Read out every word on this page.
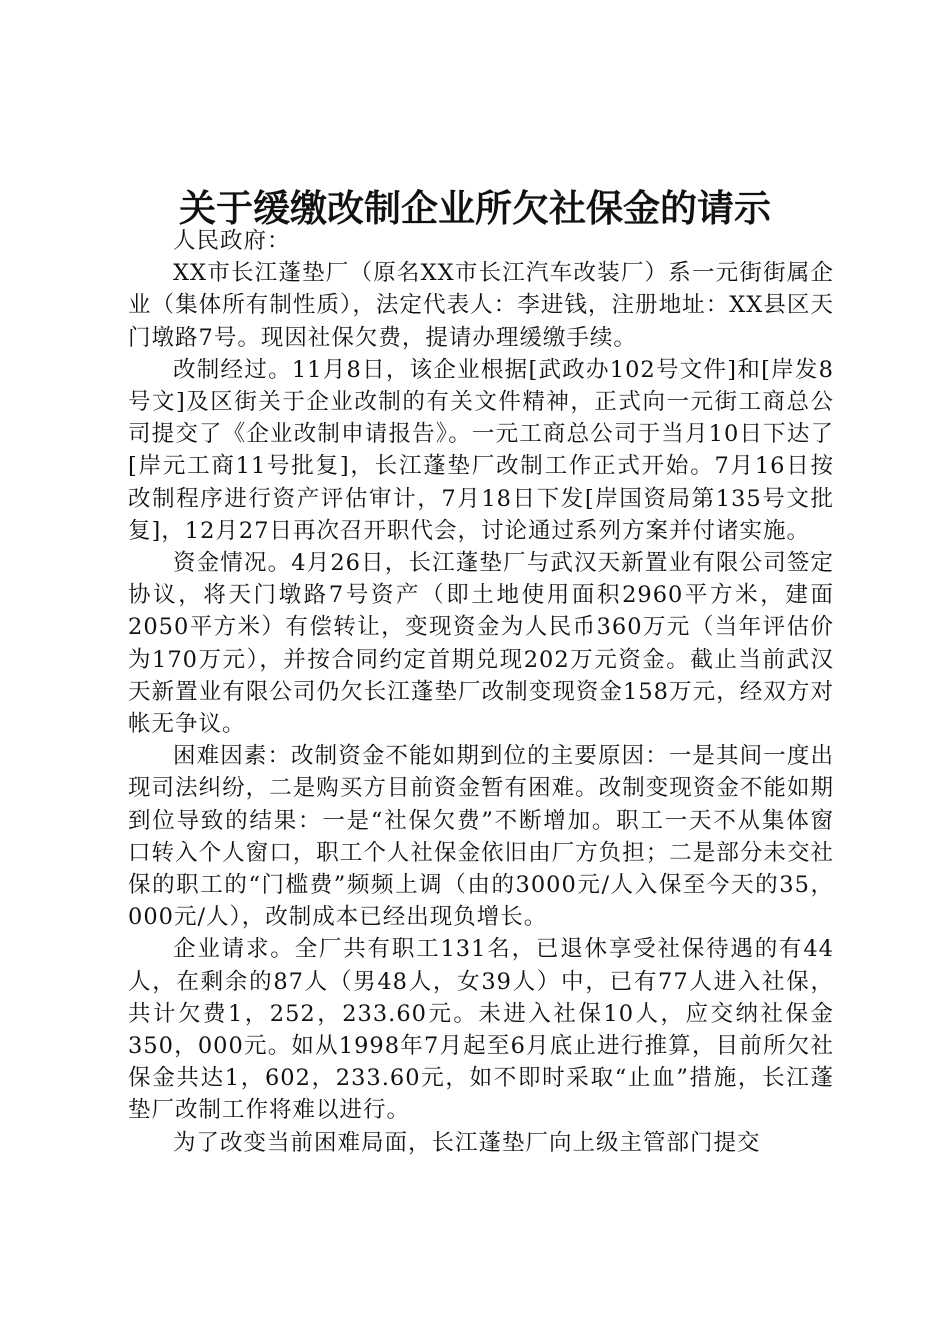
关于缓缴改制企业所欠社保金的请示

人民政府：

XX市长江蓬垫厂（原名XX市长江汽车改装厂）系一元街街属企业（集体所有制性质），法定代表人：李进钱，注册地址：XX县区天门墩路7号。现因社保欠费，提请办理缓缴手续。

改制经过。11月8日，该企业根据[武政办102号文件]和[岸发8号文]及区街关于企业改制的有关文件精神，正式向一元街工商总公司提交了《企业改制申请报告》。一元工商总公司于当月10日下达了[岸元工商11号批复]，长江蓬垫厂改制工作正式开始。7月16日按改制程序进行资产评估审计，7月18日下发[岸国资局第135号文批复]，12月27日再次召开职代会，讨论通过系列方案并付诸实施。

资金情况。4月26日，长江蓬垫厂与武汉天新置业有限公司签定协议，将天门墩路7号资产（即土地使用面积2960平方米，建面2050平方米）有偿转让，变现资金为人民币360万元（当年评估价为170万元），并按合同约定首期兑现202万元资金。截止当前武汉天新置业有限公司仍欠长江蓬垫厂改制变现资金158万元，经双方对帐无争议。

困难因素：改制资金不能如期到位的主要原因：一是其间一度出现司法纠纷，二是购买方目前资金暂有困难。改制变现资金不能如期到位导致的结果：一是“社保欠费”不断增加。职工一天不从集体窗口转入个人窗口，职工个人社保金依旧由厂方负担；二是部分未交社保的职工的“门槛费”频频上调（由的3000元/人入保至今天的35，000元/人），改制成本已经出现负增长。

企业请求。全厂共有职工131名，已退休享受社保待遇的有44人，在剩余的87人（男48人，女39人）中，已有77人进入社保，共计欠费1，252，233.60元。未进入社保10人，应交纳社保金350，000元。如从1998年7月起至6月底止进行推算，目前所欠社保金共达1，602，233.60元，如不即时采取“止血”措施，长江蓬垫厂改制工作将难以进行。

为了改变当前困难局面，长江蓬垫厂向上级主管部门提交
